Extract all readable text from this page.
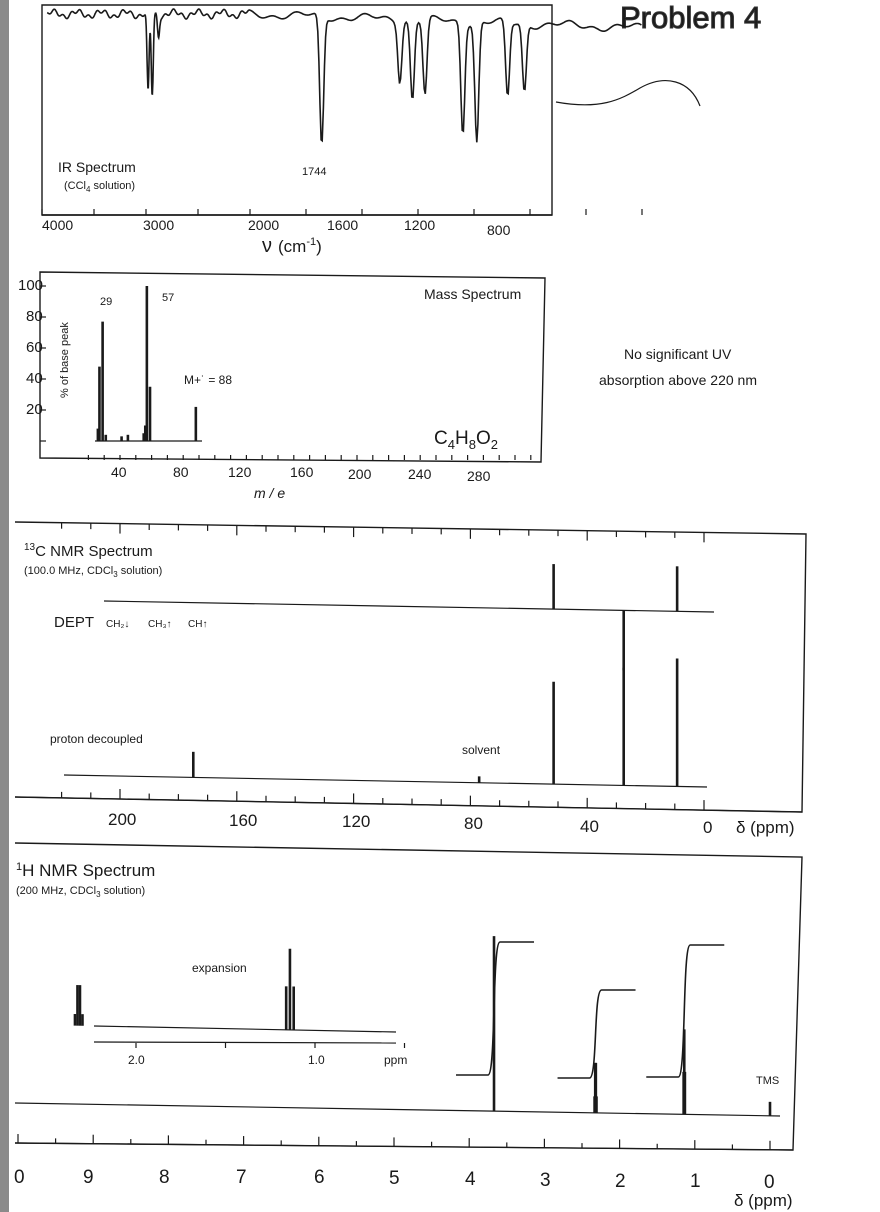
Problem 4
IR Spectrum
(CCl$_4$ solution)
1744
4000	3000	2000	1600	1200	800
ν $(cm^{-1})$
Mass Spectrum
29	57
M+˙ = 88
$C_4H_8O_2$
100
80
60
40
20
% of base peak
40	80	120	160 200	240	280
m / e
No significant UV
absorption above 220 nm
$^{13}$C NMR Spectrum
(100.0 MHz, CDCl$_3$ solution)
DEPT CH₂↓ CH₃↑ CH↑
proton decoupled
solvent
200	160	120	80	40	0 δ (ppm)
$^1$H NMR Spectrum
(200 MHz, CDCl$_3$ solution)
expansion
2.0	1.0	ppm
TMS
0	9	8	7	6	5	4	3	2	1	0
δ (ppm)
